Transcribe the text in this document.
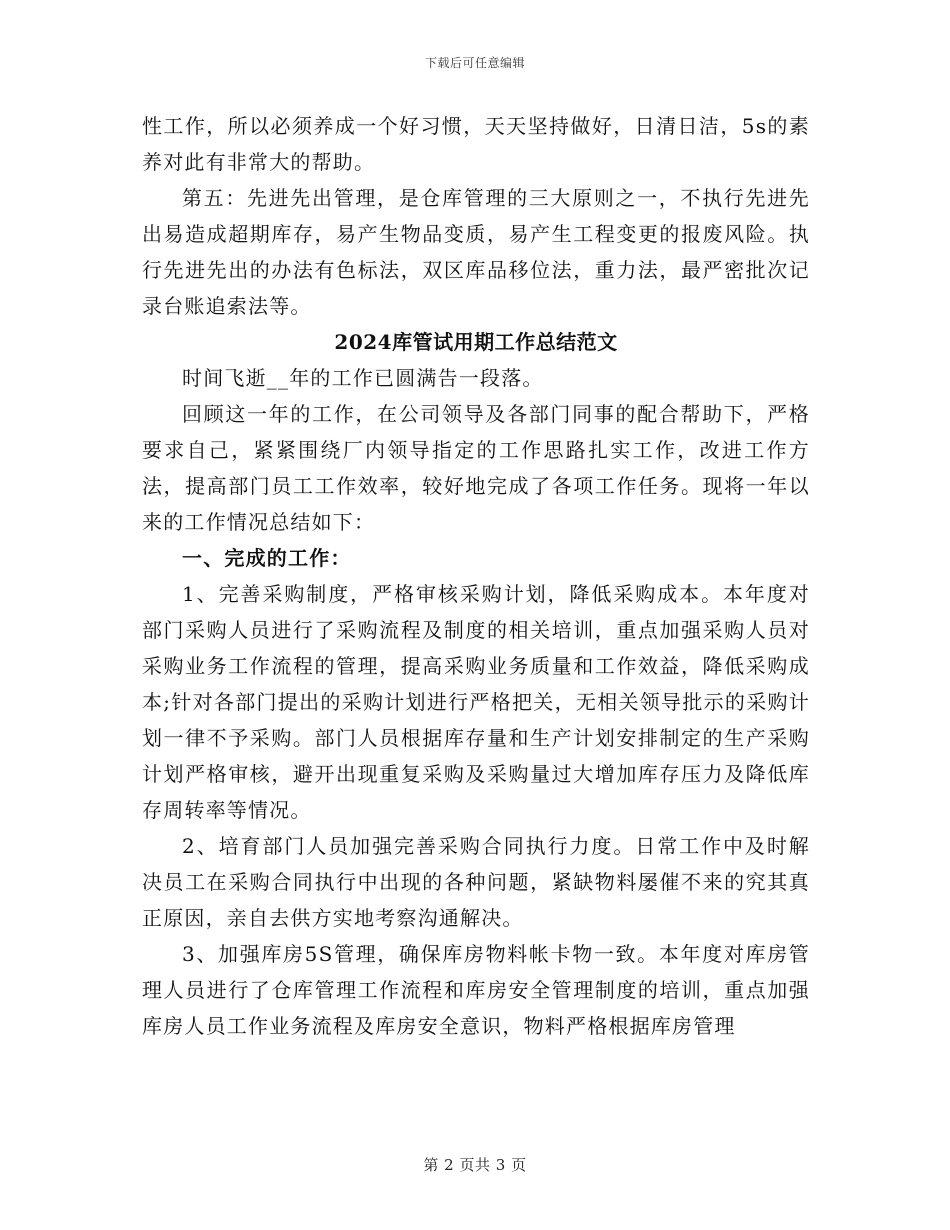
下载后可任意编辑

性工作，所以必须养成一个好习惯，天天坚持做好，日清日洁，5s的素养对此有非常大的帮助。

第五：先进先出管理，是仓库管理的三大原则之一，不执行先进先出易造成超期库存，易产生物品变质，易产生工程变更的报废风险。执行先进先出的办法有色标法，双区库品移位法，重力法，最严密批次记录台账追索法等。

2024库管试用期工作总结范文

时间飞逝__年的工作已圆满告一段落。

回顾这一年的工作，在公司领导及各部门同事的配合帮助下，严格要求自己，紧紧围绕厂内领导指定的工作思路扎实工作，改进工作方法，提高部门员工工作效率，较好地完成了各项工作任务。现将一年以来的工作情况总结如下：

一、完成的工作：

1、完善采购制度，严格审核采购计划，降低采购成本。本年度对部门采购人员进行了采购流程及制度的相关培训，重点加强采购人员对采购业务工作流程的管理，提高采购业务质量和工作效益，降低采购成本;针对各部门提出的采购计划进行严格把关，无相关领导批示的采购计划一律不予采购。部门人员根据库存量和生产计划安排制定的生产采购计划严格审核，避开出现重复采购及采购量过大增加库存压力及降低库存周转率等情况。

2、培育部门人员加强完善采购合同执行力度。日常工作中及时解决员工在采购合同执行中出现的各种问题，紧缺物料屡催不来的究其真正原因，亲自去供方实地考察沟通解决。

3、加强库房5S管理，确保库房物料帐卡物一致。本年度对库房管理人员进行了仓库管理工作流程和库房安全管理制度的培训，重点加强库房人员工作业务流程及库房安全意识，物料严格根据库房管理

第 2 页共 3 页
